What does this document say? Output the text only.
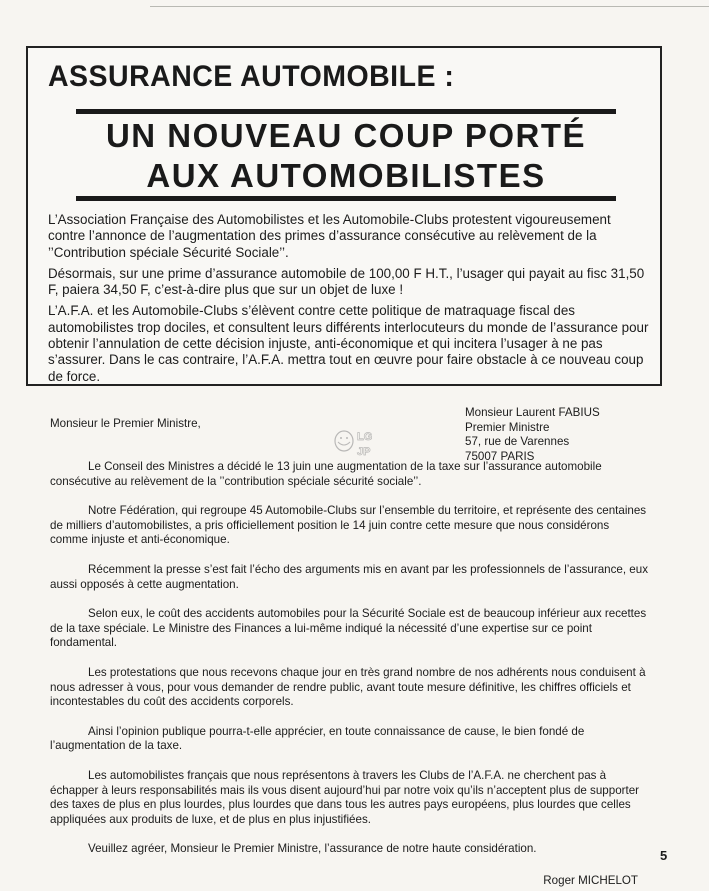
ASSURANCE AUTOMOBILE :
UN NOUVEAU COUP PORTÉ
AUX AUTOMOBILISTES

L’Association Française des Automobilistes et les Automobile-Clubs protestent vigoureusement contre l’annonce de l’augmentation des primes d’assurance consécutive au relèvement de la ’’Contribution spéciale Sécurité Sociale’’.

Désormais, sur une prime d’assurance automobile de 100,00 F H.T., l’usager qui payait au fisc 31,50 F, paiera 34,50 F, c’est-à-dire plus que sur un objet de luxe !

L’A.F.A. et les Automobile-Clubs s’élèvent contre cette politique de matraquage fiscal des automobilistes trop dociles, et consultent leurs différents interlocuteurs du monde de l’assurance pour obtenir l’annulation de cette décision injuste, anti-économique et qui incitera l’usager à ne pas s’assurer. Dans le cas contraire, l’A.F.A. mettra tout en œuvre pour faire obstacle à ce nouveau coup de force.

LG
JP

Monsieur le Premier Ministre,

Monsieur Laurent FABIUS
Premier Ministre
57, rue de Varennes
75007 PARIS

Le Conseil des Ministres a décidé le 13 juin une augmentation de la taxe sur l’assurance automobile consécutive au relèvement de la ’’contribution spéciale sécurité sociale’’.

Notre Fédération, qui regroupe 45 Automobile-Clubs sur l’ensemble du territoire, et représente des centaines de milliers d’automobilistes, a pris officiellement position le 14 juin contre cette mesure que nous considérons comme injuste et anti-économique.

Récemment la presse s’est fait l’écho des arguments mis en avant par les professionnels de l’assurance, eux aussi opposés à cette augmentation.

Selon eux, le coût des accidents automobiles pour la Sécurité Sociale est de beaucoup inférieur aux recettes de la taxe spéciale. Le Ministre des Finances a lui-même indiqué la nécessité d’une expertise sur ce point fondamental.

Les protestations que nous recevons chaque jour en très grand nombre de nos adhérents nous conduisent à nous adresser à vous, pour vous demander de rendre public, avant toute mesure définitive, les chiffres officiels et incontestables du coût des accidents corporels.

Ainsi l’opinion publique pourra-t-elle apprécier, en toute connaissance de cause, le bien fondé de l’augmentation de la taxe.

Les automobilistes français que nous représentons à travers les Clubs de l’A.F.A. ne cherchent pas à échapper à leurs responsabilités mais ils vous disent aujourd’hui par notre voix qu’ils n’acceptent plus de supporter des taxes de plus en plus lourdes, plus lourdes que dans tous les autres pays européens, plus lourdes que celles appliquées aux produits de luxe, et de plus en plus injustifiées.

Veuillez agréer, Monsieur le Premier Ministre, l’assurance de notre haute considération.

Roger MICHELOT

5
